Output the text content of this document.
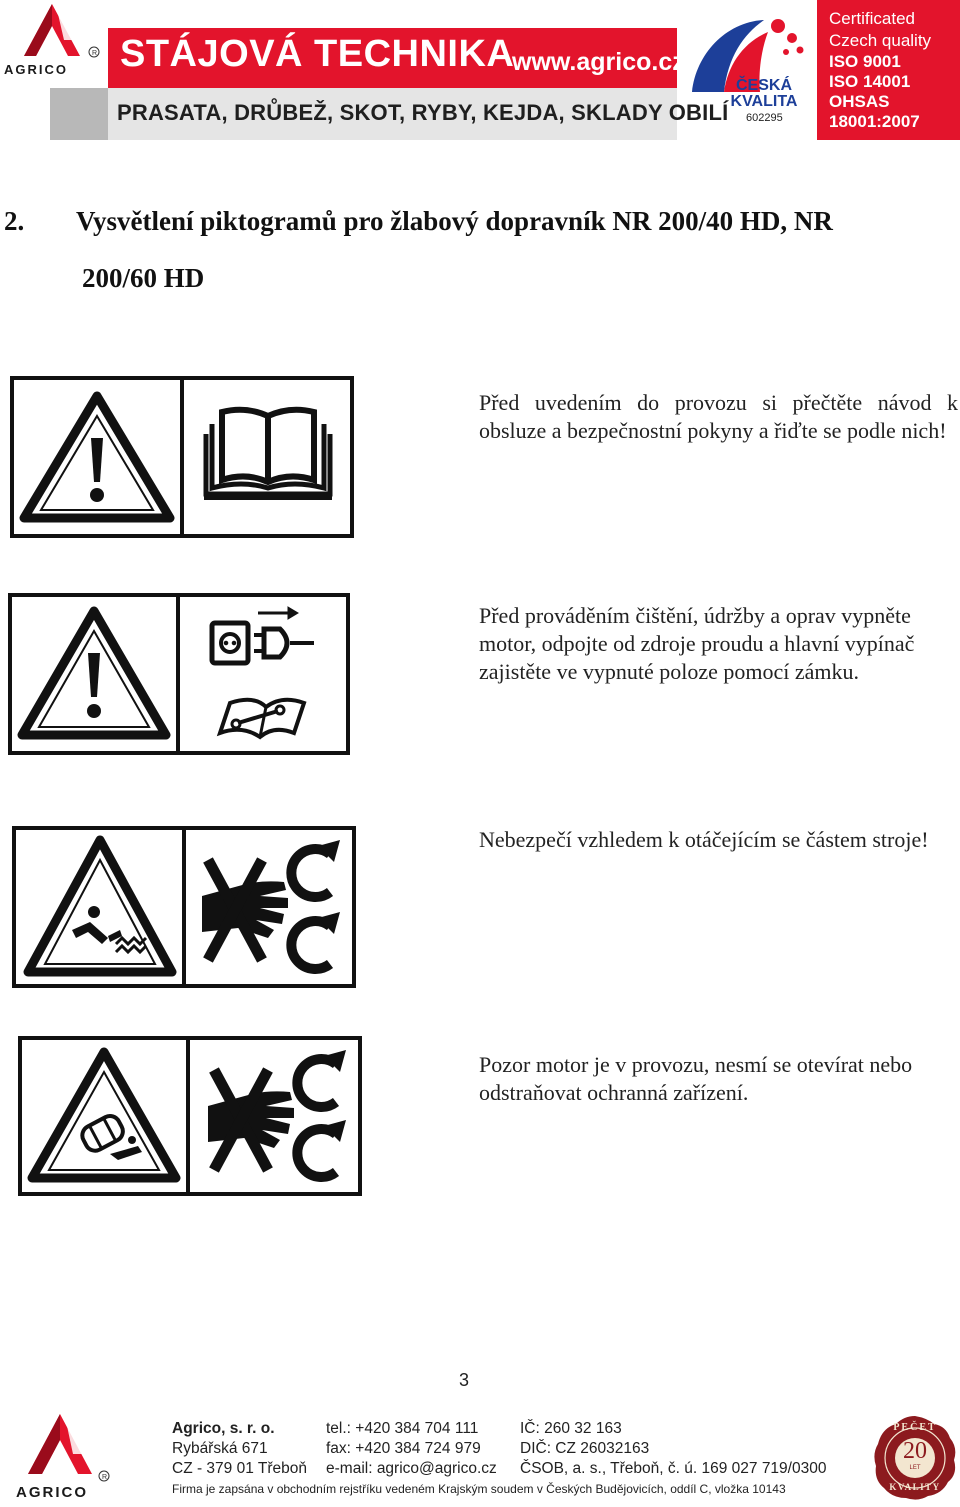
R
AGRICO STÁJOVÁ TECHNIKA
www.agrico.cz
PRASATA, DRŮBEŽ, SKOT, RYBY, KEJDA, SKLADY OBILÍ
ČESKÁ
KVALITA
602295
Certificated
Czech quality
ISO 9001
ISO 14001
OHSAS
18001:2007
2. Vysvětlení piktogramů pro žlabový dopravník NR 200/40 HD, NR
200/60 HD
Před uvedením do provozu si přečtěte návod k obsluze a bezpečnostní pokyny a řiďte se podle nich!
Před prováděním čištění, údržby a oprav vypněte motor, odpojte od zdroje proudu a hlavní vypínač zajistěte ve vypnuté poloze pomocí zámku.
Nebezpečí vzhledem k otáčejícím se částem stroje!
Pozor motor je v provozu, nesmí se otevírat nebo odstraňovat ochranná zařízení.
3
R
AGRICO
Agrico, s. r. o.
Rybářská 671
CZ - 379 01 Třeboň
tel.: +420 384 704 111
fax: +420 384 724 979
e-mail: agrico@agrico.cz
IČ: 260 32 163
DIČ: CZ 26032163
ČSOB, a. s., Třeboň, č. ú. 169 027 719/0300
Firma je zapsána v obchodním rejstříku vedeném Krajským soudem v Českých Budějovicích, oddíl C, vložka 10143
PEČET
20
LET
KVALITY
